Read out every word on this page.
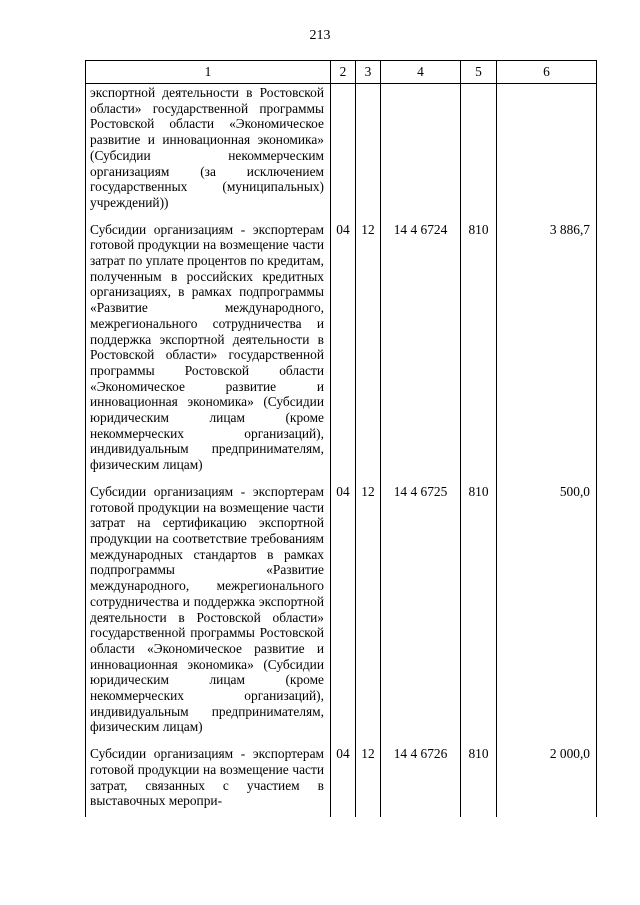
213
1	2	3	4	5	6
экспортной деятельности в Ростовской области» государственной программы Ростовской области «Экономическое развитие и инновационная экономика» (Субсидии некоммерческим организациям (за исключением государственных (муниципальных) учреждений))					
Субсидии организациям - экспортерам готовой продукции на возмещение части затрат по уплате процентов по кредитам, полученным в российских кредитных организациях, в рамках подпрограммы «Развитие международного, межрегионального сотрудничества и поддержка экспортной деятельности в Ростовской области» государственной программы Ростовской области «Экономическое развитие и инновационная экономика» (Субсидии юридическим лицам (кроме некоммерческих организаций), индивидуальным предпринимателям, физическим лицам)	04	12	14 4 6724	810	3 886,7
Субсидии организациям - экспортерам готовой продукции на возмещение части затрат на сертификацию экспортной продукции на соответствие требованиям международных стандартов в рамках подпрограммы «Развитие международного, межрегионального сотрудничества и поддержка экспортной деятельности в Ростовской области» государственной программы Ростовской области «Экономическое развитие и инновационная экономика» (Субсидии юридическим лицам (кроме некоммерческих организаций), индивидуальным предпринимателям, физическим лицам)	04	12	14 4 6725	810	500,0
Субсидии организациям - экспортерам готовой продукции на возмещение части затрат, связанных с участием в выставочных меропри-	04	12	14 4 6726	810	2 000,0
